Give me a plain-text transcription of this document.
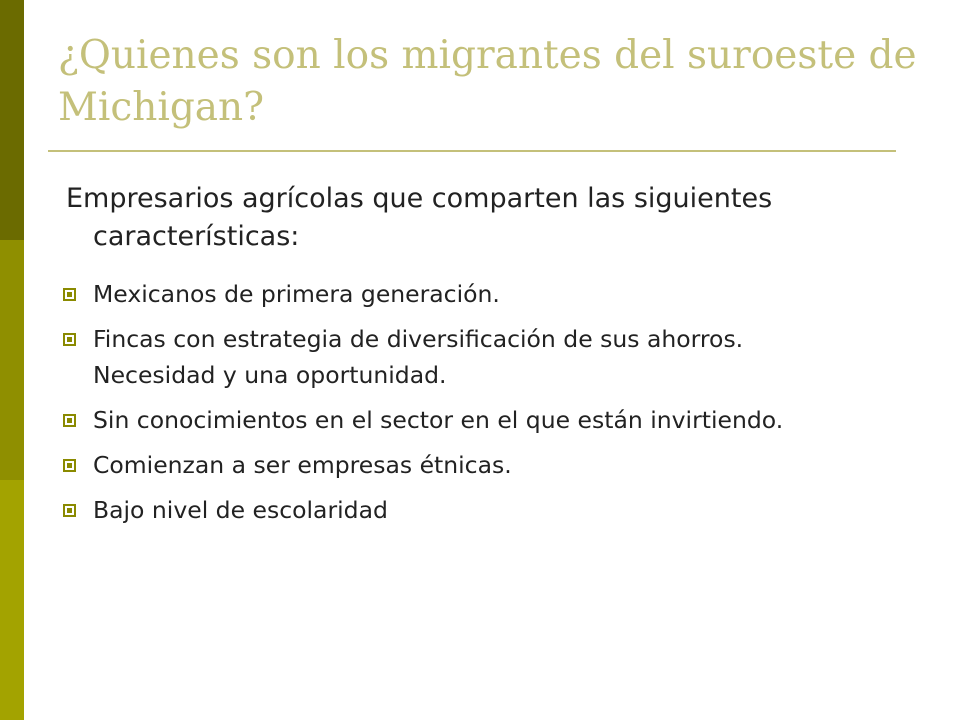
¿Quienes son los migrantes del suroeste de Michigan?
Empresarios agrícolas que comparten las siguientes características:
Mexicanos de primera generación.
Fincas con estrategia de diversificación de sus ahorros. Necesidad y una oportunidad.
Sin conocimientos en el sector en el que están invirtiendo.
Comienzan a ser empresas étnicas.
Bajo nivel de escolaridad
